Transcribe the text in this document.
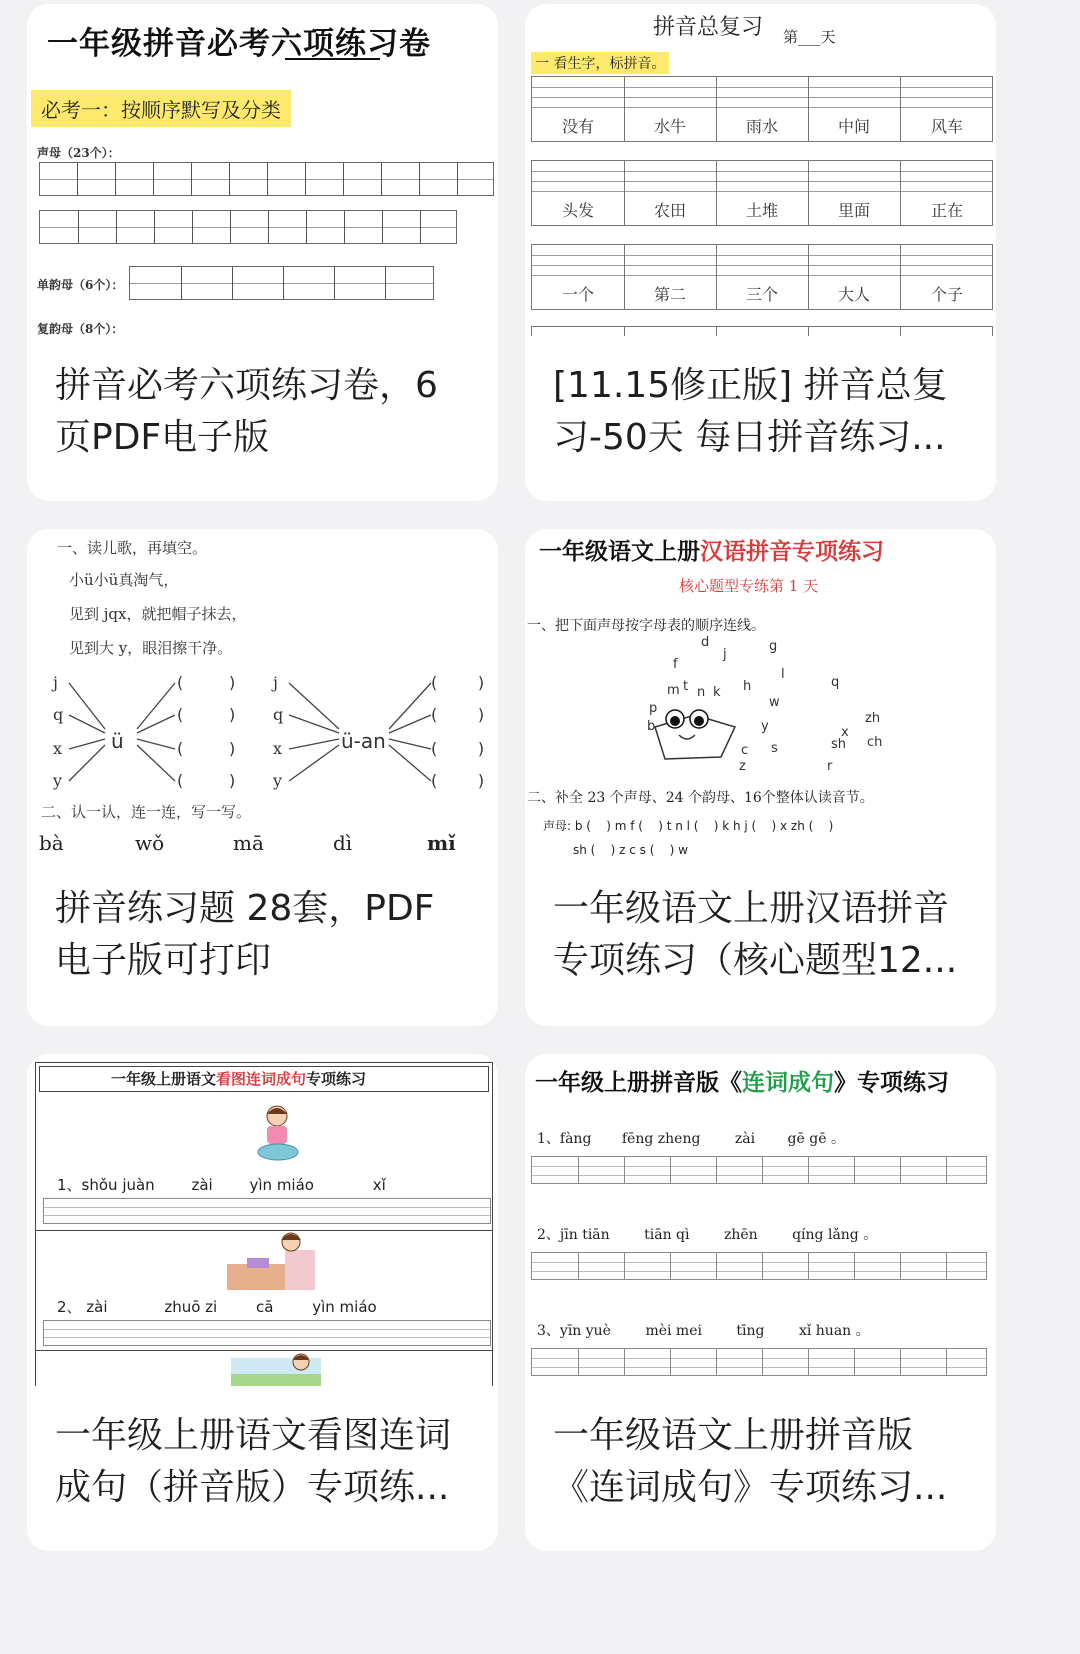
一年级拼音必考六项练习卷
必考一：按顺序默写及分类
声母（23个）：
单韵母（6个）：
复韵母（8个）：
拼音必考六项练习卷，6页PDF电子版
拼音总复习 第___天
一 看生字，标拼音。
没有	水牛	雨水	中间	风车
头发	农田	土堆	里面	正在
一个	第二	三个	大人	个子
[11.15修正版] 拼音总复习-50天 每日拼音练习...
一、读儿歌，再填空。
小ü小ü真淘气，
见到 jqx，就把帽子抹去，
见到大 y，眼泪擦干净。
j
q
x
y
j
q
x
y
ü	ü-an
(         )
(         )
(         )
(         )
(        )
(        )
(        )
(        )
二、认一认，连一连，写一写。
bà	wǒ	mā	dì	mǐ
拼音练习题 28套，PDF电子版可打印
一年级语文上册汉语拼音专项练习
核心题型专练第 1 天
一、把下面声母按字母表的顺序连线。
d	g
f
m t n k h
p
b
w
y
c s
z
zh
x
sh ch
r
q
l
j
二、补全 23 个声母、24 个韵母、16个整体认读音节。
声母: b (    ) m f (    ) t n l (    ) k h j (    ) x zh (    )
sh (    ) z c s (    ) w
一年级语文上册汉语拼音专项练习（核心题型12...
一年级上册语文看图连词成句专项练习
1、shǒu juàn zài yìn miáo	xǐ
2、 zài	zhuō zi	cā	yìn miáo
一年级上册语文看图连词成句（拼音版）专项练...
一年级上册拼音版《连词成句》专项练习
1、fàng fēng zheng zài gē gē 。
2、jīn tiān tiān qì zhēn qíng lǎng 。
3、yīn yuè mèi mei tīng xǐ huan 。
一年级语文上册拼音版《连词成句》专项练习...
